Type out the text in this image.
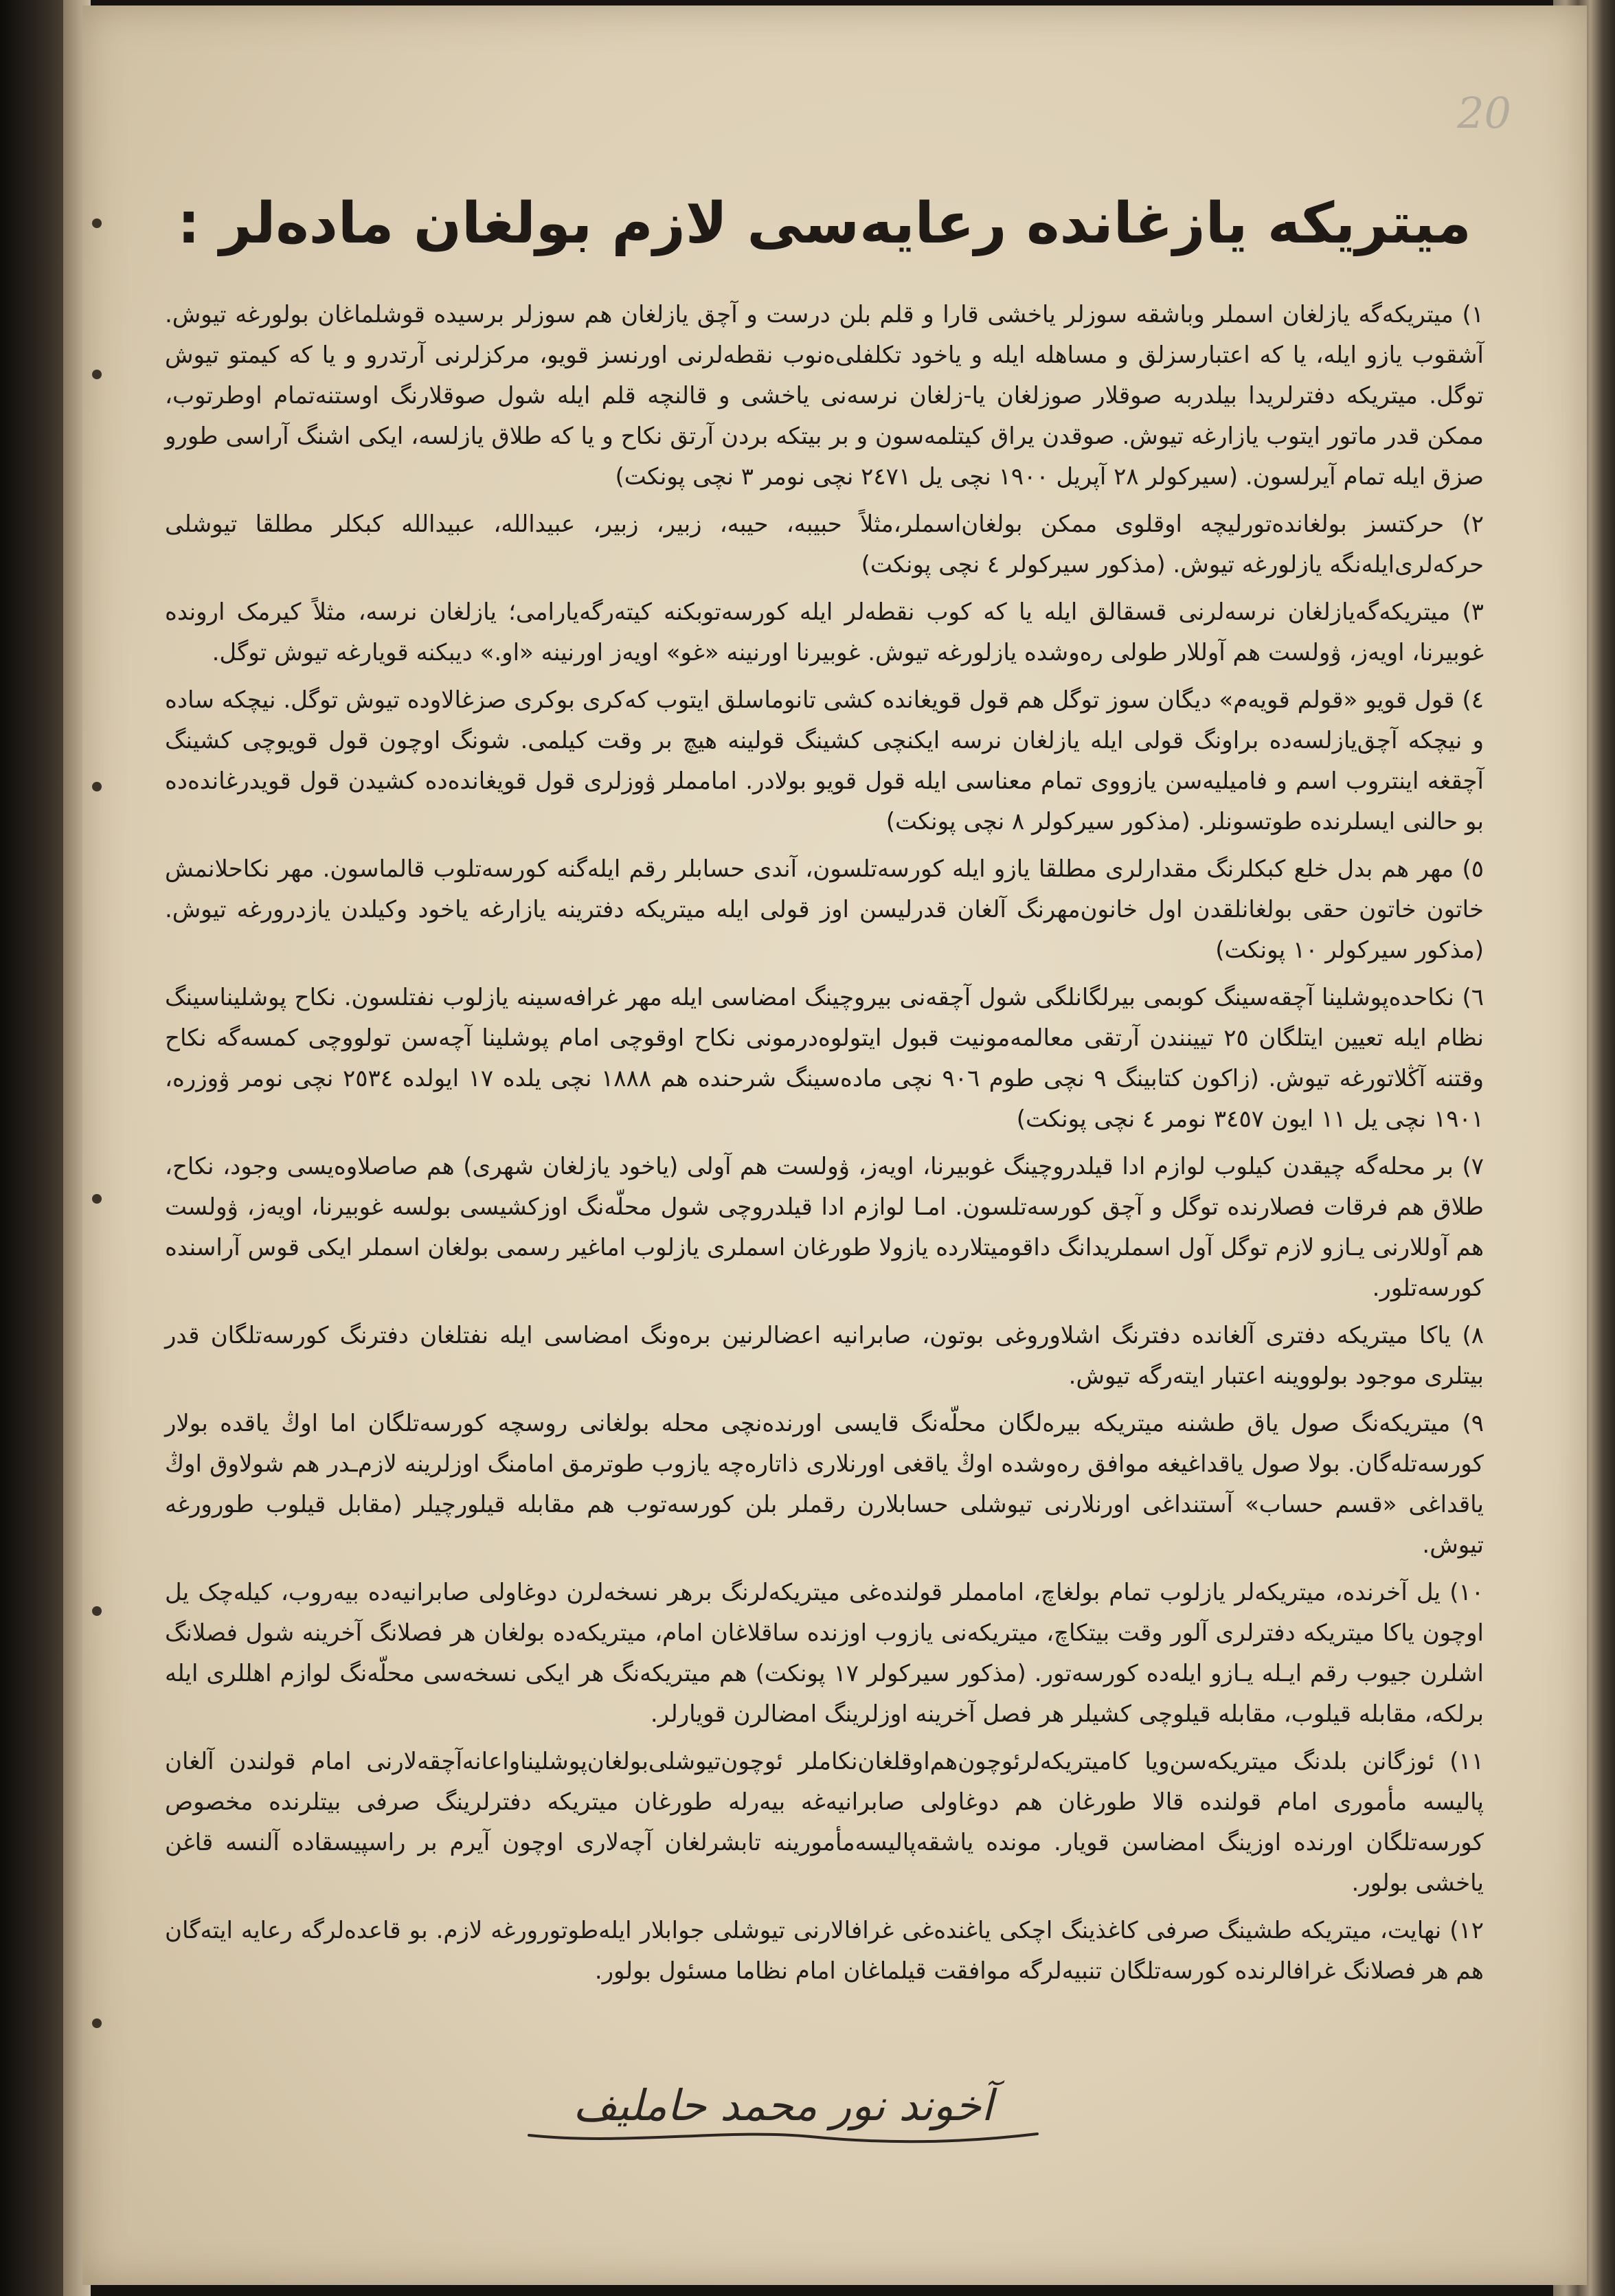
20
میتریکه یازغانده رعایه‌سی لازم بولغان ماده‌لر :

١) میتریکه‌گه یازلغان اسملر وباشقه سوزلر یاخشی قارا و قلم بلن درست و آچق یازلغان هم سوزلر برسیده قوشلماغان بولورغه تیوش. آشقوب یازو ایله، یا که اعتبارسزلق و مساهله ایله و یاخود تکلفلی‌ه‌نوب نقطه‌لرنی اورنسز قویو، مرکزلرنی آرتدرو و یا که کیمتو تیوش توگل. میتریکه دفترلریدا بیلدربه صوقلار صوزلغان یا-زلغان نرسه‌نی یاخشی و قالنچه قلم ایله شول صوقلارنگ اوستنه‌تمام اوطرتوب، ممکن قدر ماتور ایتوب یازارغه تیوش. صوقدن یراق کیتلمه‌سون و بر بیتکه بردن آرتق نکاح و یا که طلاق یازلسه، ایکی اشنگ آراسی طورو صزق ایله تمام آیرلسون. (سیرکولر ٢٨ آپریل ١٩٠٠ نچی یل ٢٤٧١ نچی نومر ٣ نچی پونکت)

٢) حرکتسز بولغانده‌تورلیچه اوقلوی ممکن بولغان‌اسملر،مثلاً حبیبه، حیبه، زبیر، زبیر، عبیدالله، عبیدالله کبکلر مطلقا تیوشلی حرکه‌لری‌ایله‌نگه یازلورغه تیوش. (مذکور سیرکولر ٤ نچی پونکت)

٣) میتریکه‌گه‌یازلغان نرسه‌لرنی قسقالق ایله یا که کوب نقطه‌لر ایله کورسه‌توبکنه کیته‌رگه‌یارامی؛ یازلغان نرسه، مثلاً کیرمک ارونده غوبیرنا، اویه‌ز، ۋولست هم آوللار طولی ره‌وشده یازلورغه تیوش. غوبیرنا اورنینه «غو» اویه‌ز اورنینه «او.» دیبکنه قویارغه تیوش توگل.

٤) قول قویو «قولم قویه‌م» دیگان سوز توگل هم قول قویغانده کشی تانوماسلق ایتوب که‌کری بوکری صزغالاوده تیوش توگل. نیچکه ساده و نیچکه آچق‌یازلسه‌ده براونگ قولی ایله یازلغان نرسه ایکنچی کشینگ قولینه هیچ بر وقت کیلمی. شونگ اوچون قول قویوچی کشینگ آچقغه اینتروب اسم و فامیلیه‌سن یازووی تمام معناسی ایله قول قویو بولادر. امامملر ۋوزلری قول قویغانده‌ده کشیدن قول قویدرغانده‌ده بو حالنی ایسلرنده طوتسونلر. (مذکور سیرکولر ٨ نچی پونکت)

٥) مهر هم بدل خلع کبکلرنگ مقدارلری مطلقا یازو ایله کورسه‌تلسون، آندی حسابلر رقم ایله‌گنه کورسه‌تلوب قالماسون. مهر نکاحلانمش خاتون خاتون حقی بولغانلقدن اول خانون‌مهرنگ آلغان قدرلیسن اوز قولی ایله میتریکه دفترینه یازارغه یاخود وکیلدن یازدرورغه تیوش. (مذکور سیرکولر ١٠ پونکت)

٦) نکاحده‌پوشلینا آچقه‌سینگ کوبمی بیرلگانلگی شول آچقه‌نی بیروچینگ امضاسی ایله مهر غرافه‌سینه یازلوب نفتلسون. نکاح پوشلیناسینگ نظام ایله تعیین ایتلگان ٢٥ تیینندن آرتقی معالمه‌مونیت قبول ایتولوه‌درمونی نکاح اوقوچی امام پوشلینا آچه‌سن تولووچی کمسه‌گه نکاح وقتنه آڭلاتورغه تیوش. (زاکون کتابینگ ٩ نچی طوم ٩٠٦ نچی ماده‌سینگ شرحنده هم ١٨٨٨ نچی یلده ١٧ ایولده ٢٥٣٤ نچی نومر ۋوزره، ١٩٠١ نچی یل ١١ ایون ٣٤٥٧ نومر ٤ نچی پونکت)

٧) بر محله‌گه چیقدن کیلوب لوازم ادا قیلدرو‌چینگ غوبیرنا، اویه‌ز، ۋولست هم آولی (یاخود یازلغان شهری) هم صاصلاوه‌یسی وجود، نکاح، طلاق هم فرقات فصلارنده توگل و آچق کورسه‌تلسون. امـا لوازم ادا قیلدروچی شول محلّه‌نگ اوزکشیسی بولسه غوبیرنا، اویه‌ز، ۋولست هم آوللارنی یـازو لازم توگل آول اسملریدانگ داقومیتلارده یازولا طورغان اسملری یازلوب اماغیر رسمی بولغان اسملر ایکی قوس آراسنده کورسه‌تلور.

٨) یاکا میتریکه دفتری آلغانده دفترنگ اشلاوروغی بوتون، صابرانیه اعضالرنین بره‌ونگ امضاسی ایله نفتلغان دفترنگ کورسه‌تلگان قدر بیتلری موجود بولووینه اعتبار ایته‌رگه تیوش.

٩) میتریکه‌نگ صول یاق طشنه میتریکه بیره‌لگان محلّه‌نگ قایسی اورنده‌نچی محله بولغانی روسچه کورسه‌تلگان اما اوڭ یاقده بولار کورسه‌تله‌گان. بولا صول یاقداغیغه موافق ره‌وشده اوڭ یاقغی اورنلاری ذاتاره‌چه یازوب طوترمق امامنگ اوزلرینه لازم‌ـدر هم شولاوق اوڭ یاقداغی «قسم حساب» آستنداغی اورنلارنی تیوشلی حسابلارن رقملر بلن کورسه‌توب هم مقابله قیلورچیلر (مقابل قیلوب طورورغه تیوش.

١٠) یل آخرنده، میتریکه‌لر یازلوب تمام بولغاچ، امامملر قولنده‌غی میتریکه‌لرنگ برهر نسخه‌لرن دوغاولی صابرانیه‌ده بیه‌روب، کیله‌چک یل اوچون یاکا میتریکه دفترلری آلور وقت بیتکاچ، میتریکه‌نی یازوب اوزنده ساقلاغان امام، میتریکه‌ده بولغان هر فصلانگ آخرینه شول فصلانگ اشلرن جیوب رقم ایـله یـازو ایله‌ده کورسه‌تور. (مذکور سیرکولر ١٧ پونکت) هم میتریکه‌نگ هر ایکی نسخه‌سی محلّه‌نگ لوازم اهللری ایله برلکه، مقابله قیلوب، مقابله قیلوچی کشیلر هر فصل آخرینه اوزلرینگ امضالرن قویارلر.

١١) ئوزگانن بلدنگ میتریکه‌سن‌ویا کامیتریکه‌لرئوچون‌هم‌اوقلغان‌نکاملر ئوچون‌تیوشلی‌بولغان‌پوشلیناواعانه‌آچقه‌لارنی امام قولندن آلغان پالیسه مأموری امام قولنده قالا طورغان هم دوغاولی صابرانیه‌غه بیه‌رله طورغان میتریکه دفترلرینگ صرفی بیتلرنده مخصوص کورسه‌تلگان اورنده اوزینگ امضاسن قویار. مونده یاشقه‌پالیسه‌مأمورینه تابشرلغان آچه‌لاری اوچون آیرم بر راسپیسقاده آلنسه قاغن یاخشی بولور.

١٢) نهایت، میتریکه طشینگ صرفی کاغذینگ اچکی یاغنده‌غی غرافالارنی تیوشلی جوابلار ایله‌طوتورورغه لازم. بو قاعده‌لرگه رعایه ایته‌گان هم هر فصلانگ غرافالرنده کورسه‌تلگان تنبیه‌لرگه موافقت قیلماغان امام نظاما مسئول بولور.

آخوند نور محمد حاملیف
